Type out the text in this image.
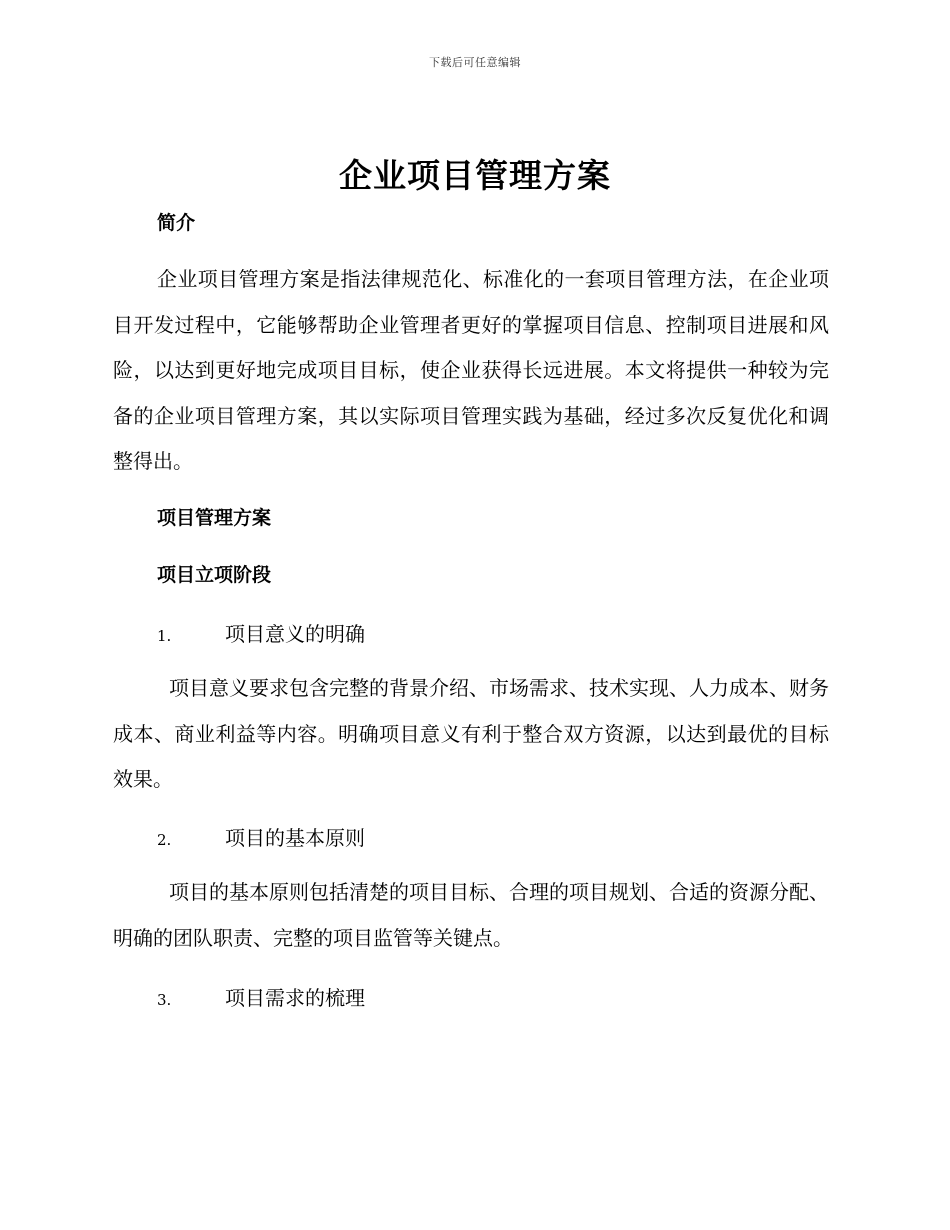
下载后可任意编辑
企业项目管理方案
简介

企业项目管理方案是指法律规范化、标准化的一套项目管理方法，在企业项目开发过程中，它能够帮助企业管理者更好的掌握项目信息、控制项目进展和风险，以达到更好地完成项目目标，使企业获得长远进展。本文将提供一种较为完备的企业项目管理方案，其以实际项目管理实践为基础，经过多次反复优化和调整得出。

项目管理方案
项目立项阶段
1.	项目意义的明确

项目意义要求包含完整的背景介绍、市场需求、技术实现、人力成本、财务成本、商业利益等内容。明确项目意义有利于整合双方资源，以达到最优的目标效果。

2.	项目的基本原则

项目的基本原则包括清楚的项目目标、合理的项目规划、合适的资源分配、明确的团队职责、完整的项目监管等关键点。

3.	项目需求的梳理
